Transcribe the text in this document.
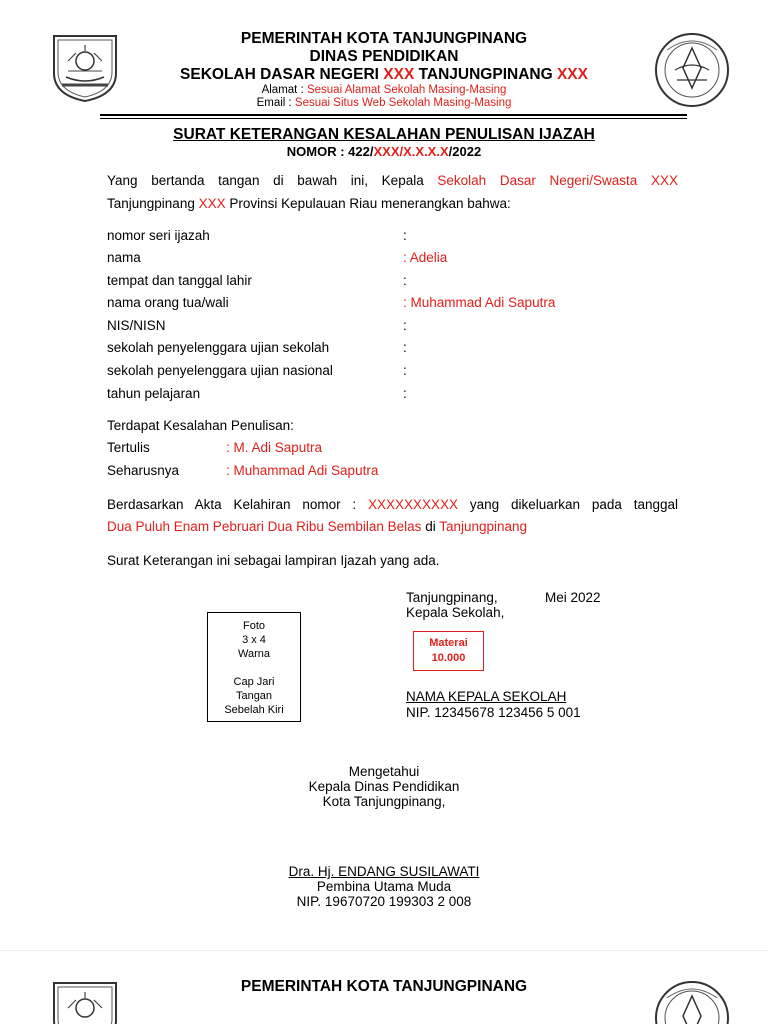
PEMERINTAH KOTA TANJUNGPINANG
DINAS PENDIDIKAN
SEKOLAH DASAR NEGERI XXX TANJUNGPINANG XXX
Alamat : Sesuai Alamat Sekolah Masing-Masing
Email : Sesuai Situs Web Sekolah Masing-Masing
SURAT KETERANGAN KESALAHAN PENULISAN IJAZAH
NOMOR : 422/XXX/X.X.X.X/2022
Yang bertanda tangan di bawah ini, Kepala Sekolah Dasar Negeri/Swasta XXX
Tanjungpinang XXX Provinsi Kepulauan Riau menerangkan bahwa:
nomor seri ijazah	:
nama	: Adelia
tempat dan tanggal lahir	:
nama orang tua/wali	: Muhammad Adi Saputra
NIS/NISN	:
sekolah penyelenggara ujian sekolah	:
sekolah penyelenggara ujian nasional	:
tahun pelajaran	:
Terdapat Kesalahan Penulisan:
Tertulis	: M. Adi Saputra
Seharusnya	: Muhammad Adi Saputra
Berdasarkan Akta Kelahiran nomor : XXXXXXXXXX yang dikeluarkan pada tanggal
Dua Puluh Enam Pebruari Dua Ribu Sembilan Belas di Tanjungpinang
Surat Keterangan ini sebagai lampiran Ijazah yang ada.
Tanjungpinang,	Mei 2022
Kepala Sekolah,
Foto
3 x 4
Warna
Cap Jari
Tangan
Sebelah Kiri
Materai
10.000
NAMA KEPALA SEKOLAH
NIP. 12345678 123456 5 001
Mengetahui
Kepala Dinas Pendidikan
Kota Tanjungpinang,
Dra. Hj. ENDANG SUSILAWATI
Pembina Utama Muda
NIP. 19670720 199303 2 008
PEMERINTAH KOTA TANJUNGPINANG
